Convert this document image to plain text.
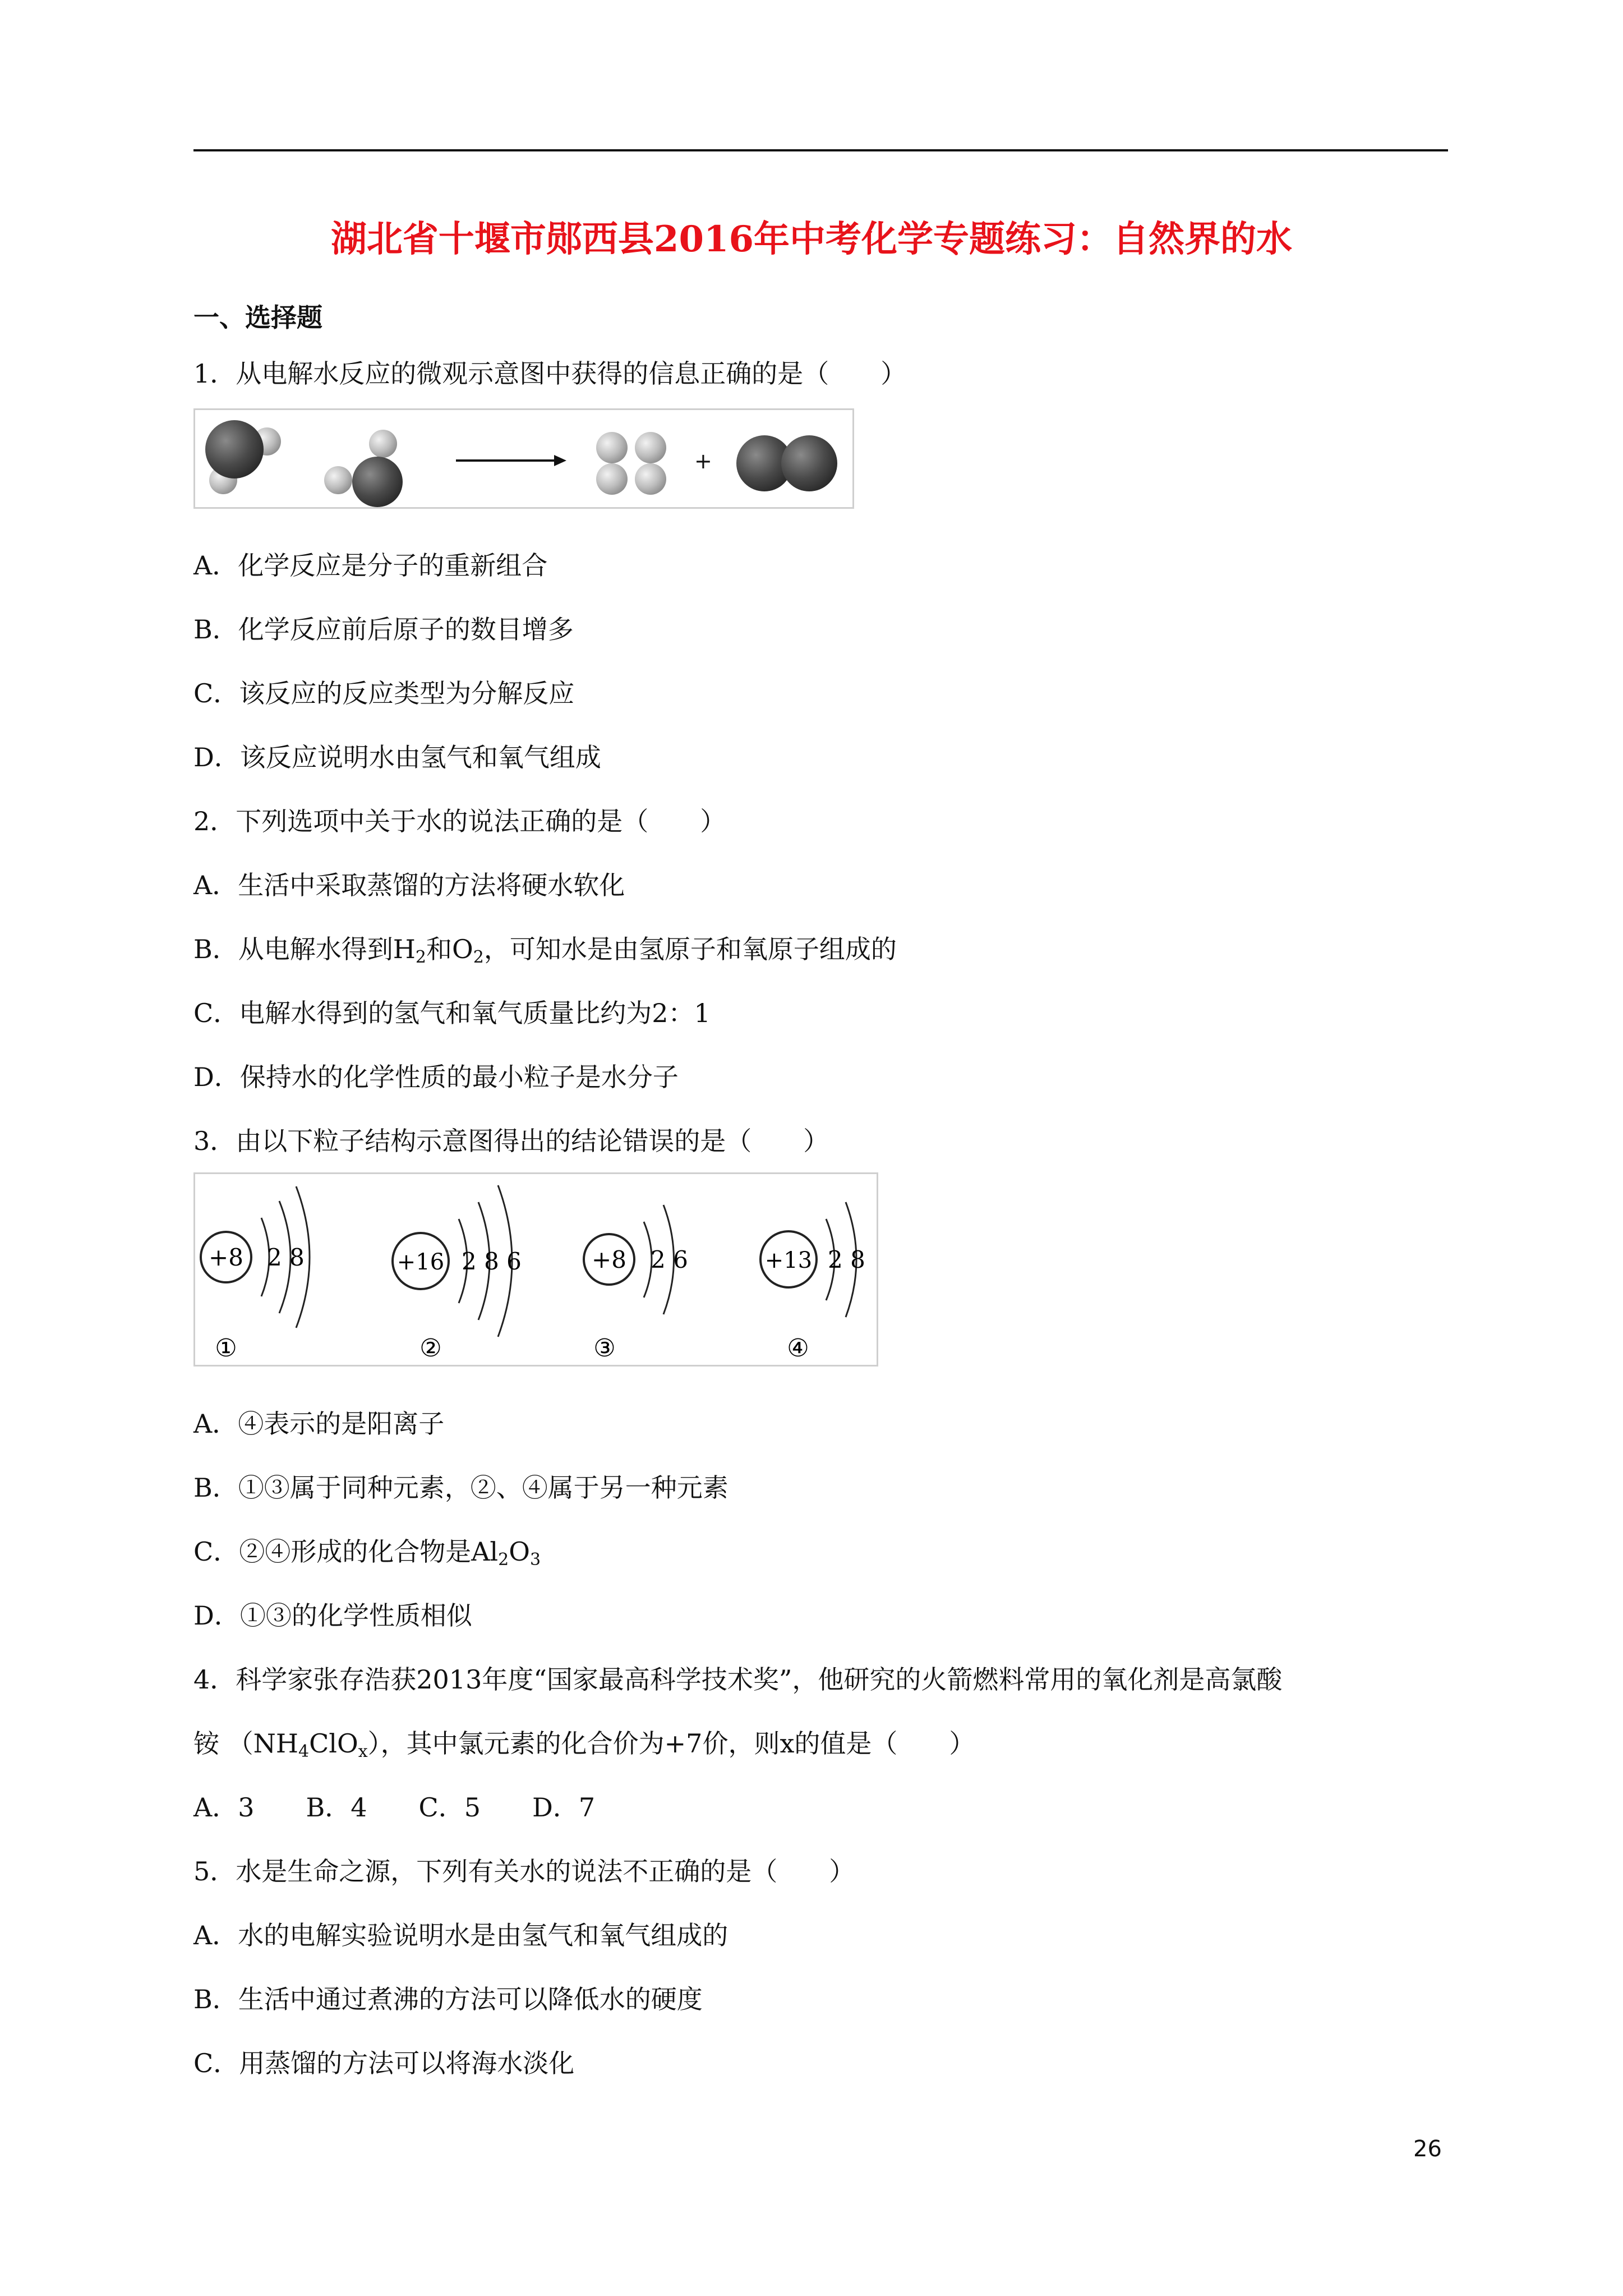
湖北省十堰市郧西县2016年中考化学专题练习：自然界的水
一、选择题
1．从电解水反应的微观示意图中获得的信息正确的是（　　）
+
A．化学反应是分子的重新组合
B．化学反应前后原子的数目增多
C．该反应的反应类型为分解反应
D．该反应说明水由氢气和氧气组成
2．下列选项中关于水的说法正确的是（　　）
A．生活中采取蒸馏的方法将硬水软化
B．从电解水得到$H_2$和$O_2$，可知水是由氢原子和氧原子组成的
C．电解水得到的氢气和氧气质量比约为2：1
D．保持水的化学性质的最小粒子是水分子
3．由以下粒子结构示意图得出的结论错误的是（　　）
+8 2 8
①
+16 2 8 6
②
+8 2 6
③
+13 2 8
④
A．④表示的是阳离子
B．①③属于同种元素，②、④属于另一种元素
C．②④形成的化合物是$Al_2O_3$
D．①③的化学性质相似
4．科学家张存浩获2013年度“国家最高科学技术奖”，他研究的火箭燃料常用的氧化剂是高氯酸
铵 $(NH_4ClO_x)$，其中氯元素的化合价为+7价，则x的值是（　　）
A．3　　B．4　　C．5　　D．7
5．水是生命之源，下列有关水的说法不正确的是（　　）
A．水的电解实验说明水是由氢气和氧气组成的
B．生活中通过煮沸的方法可以降低水的硬度
C．用蒸馏的方法可以将海水淡化
26
